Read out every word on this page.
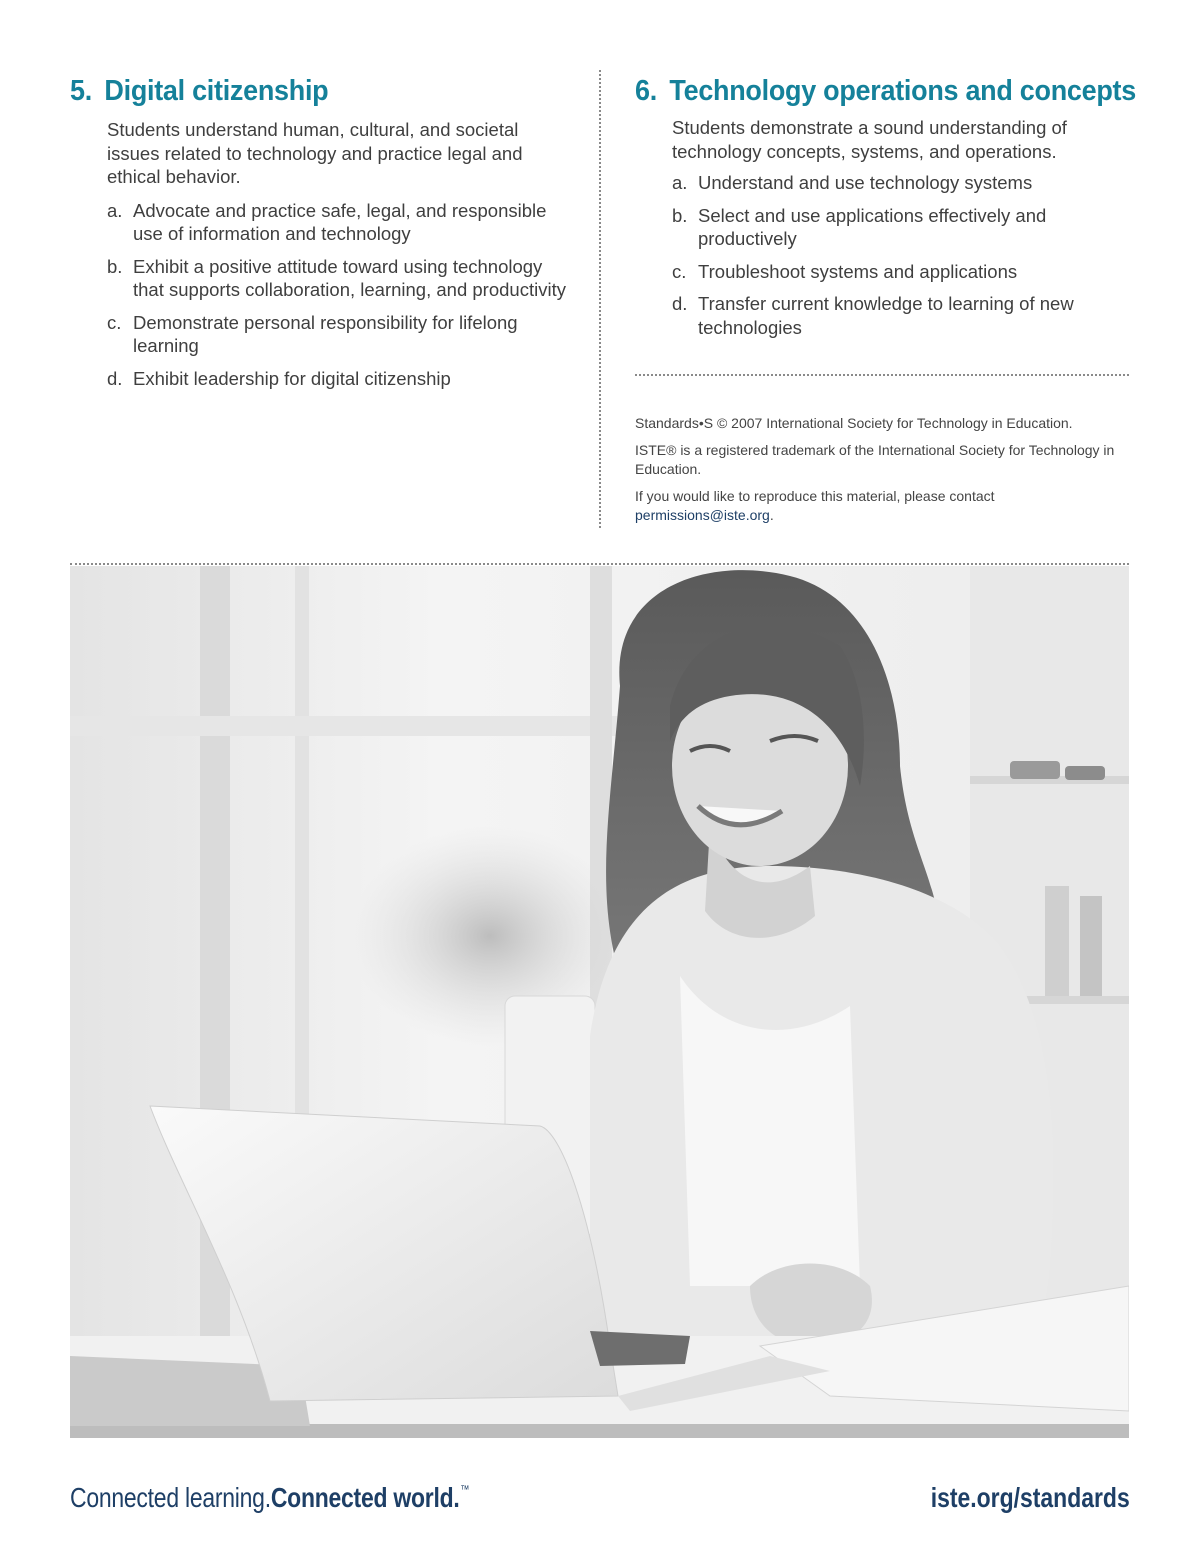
5. Digital citizenship

Students understand human, cultural, and societal issues related to technology and practice legal and ethical behavior.

a. Advocate and practice safe, legal, and responsible use of information and technology
b. Exhibit a positive attitude toward using technology that supports collaboration, learning, and productivity
c. Demonstrate personal responsibility for lifelong learning
d. Exhibit leadership for digital citizenship
6. Technology operations and concepts

Students demonstrate a sound understanding of technology concepts, systems, and operations.

a. Understand and use technology systems
b. Select and use applications effectively and productively
c. Troubleshoot systems and applications
d. Transfer current knowledge to learning of new technologies

Standards•S © 2007 International Society for Technology in Education.

ISTE® is a registered trademark of the International Society for Technology in Education.

If you would like to reproduce this material, please contact
permissions@iste.org.

Connected learning.Connected world.™	iste.org/standards
